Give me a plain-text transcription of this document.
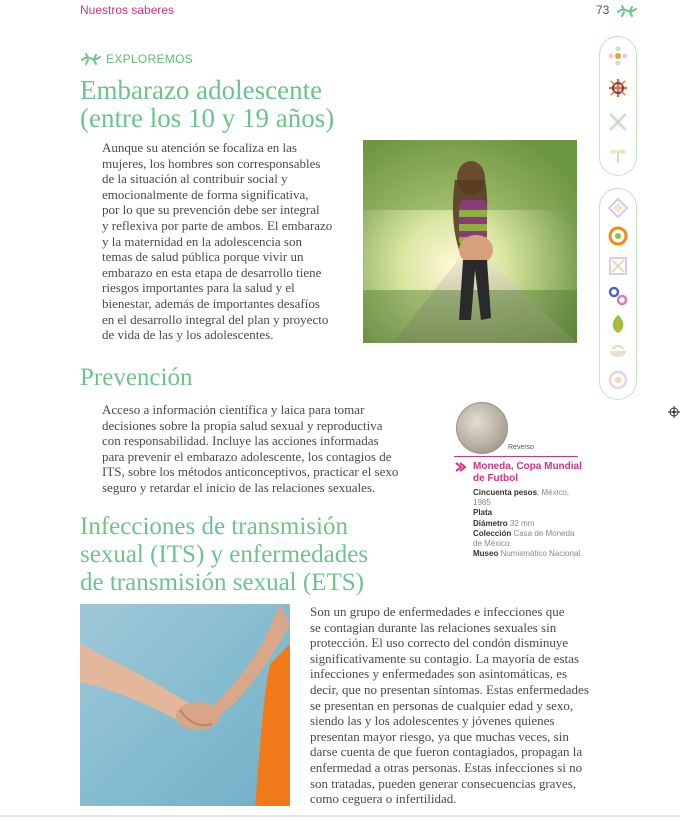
Nuestros saberes	73
EXPLOREMOS
Embarazo adolescente
(entre los 10 y 19 años)
Aunque su atención se focaliza en las
mujeres, los hombres son corresponsables
de la situación al contribuir social y
emocionalmente de forma significativa,
por lo que su prevención debe ser integral
y reflexiva por parte de ambos. El embarazo
y la maternidad en la adolescencia son
temas de salud pública porque vivir un
embarazo en esta etapa de desarrollo tiene
riesgos importantes para la salud y el
bienestar, además de importantes desafíos
en el desarrollo integral del plan y proyecto
de vida de las y los adolescentes.
Prevención
Acceso a información científica y laica para tomar
decisiones sobre la propia salud sexual y reproductiva
con responsabilidad. Incluye las acciones informadas
para prevenir el embarazo adolescente, los contagios de
ITS, sobre los métodos anticonceptivos, practicar el sexo
seguro y retardar el inicio de las relaciones sexuales.
Reverso
Moneda, Copa Mundial de Futbol
Cincuenta pesos, México, 1985
Plata
Diámetro 32 mm
Colección Casa de Moneda de México.
Museo Numismático Nacional.
Infecciones de transmisión
sexual (ITS) y enfermedades
de transmisión sexual (ETS)
Son un grupo de enfermedades e infecciones que
se contagian durante las relaciones sexuales sin
protección. El uso correcto del condón disminuye
significativamente su contagio. La mayoría de estas
infecciones y enfermedades son asintomáticas, es
decir, que no presentan síntomas. Estas enfermedades
se presentan en personas de cualquier edad y sexo,
siendo las y los adolescentes y jóvenes quienes
presentan mayor riesgo, ya que muchas veces, sin
darse cuenta de que fueron contagiados, propagan la
enfermedad a otras personas. Estas infecciones si no
son tratadas, pueden generar consecuencias graves,
como ceguera o infertilidad.
